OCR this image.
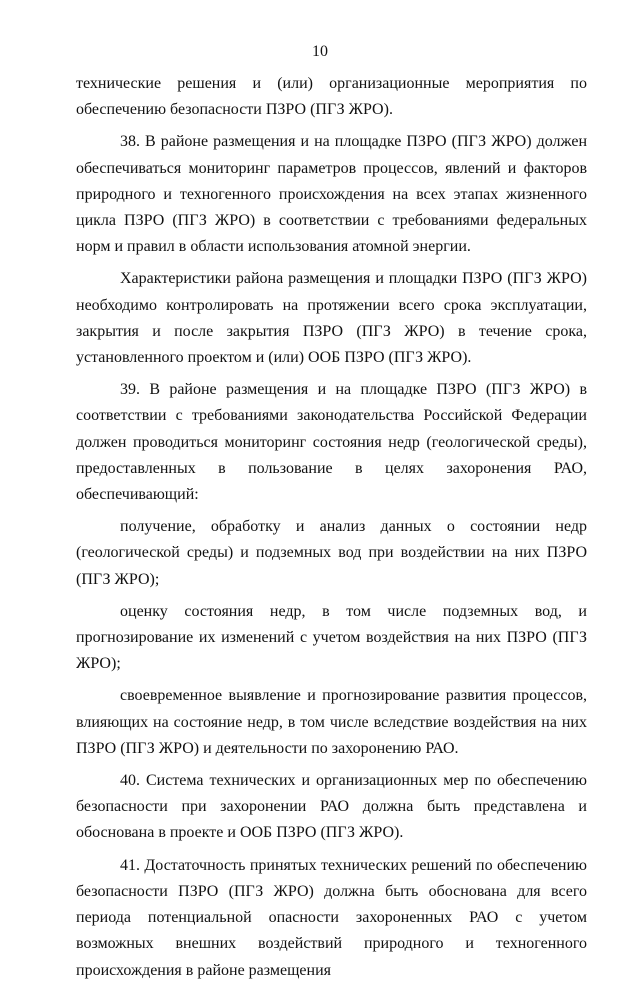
10

технические решения и (или) организационные мероприятия по обеспечению безопасности ПЗРО (ПГЗ ЖРО).

38. В районе размещения и на площадке ПЗРО (ПГЗ ЖРО) должен обеспечиваться мониторинг параметров процессов, явлений и факторов природного и техногенного происхождения на всех этапах жизненного цикла ПЗРО (ПГЗ ЖРО) в соответствии с требованиями федеральных норм и правил в области использования атомной энергии.

Характеристики района размещения и площадки ПЗРО (ПГЗ ЖРО) необходимо контролировать на протяжении всего срока эксплуатации, закрытия и после закрытия ПЗРО (ПГЗ ЖРО) в течение срока, установленного проектом и (или) ООБ ПЗРО (ПГЗ ЖРО).

39. В районе размещения и на площадке ПЗРО (ПГЗ ЖРО) в соответствии с требованиями законодательства Российской Федерации должен проводиться мониторинг состояния недр (геологической среды), предоставленных в пользование в целях захоронения РАО, обеспечивающий:

получение, обработку и анализ данных о состоянии недр (геологической среды) и подземных вод при воздействии на них ПЗРО (ПГЗ ЖРО);

оценку состояния недр, в том числе подземных вод, и прогнозирование их изменений с учетом воздействия на них ПЗРО (ПГЗ ЖРО);

своевременное выявление и прогнозирование развития процессов, влияющих на состояние недр, в том числе вследствие воздействия на них ПЗРО (ПГЗ ЖРО) и деятельности по захоронению РАО.

40. Система технических и организационных мер по обеспечению безопасности при захоронении РАО должна быть представлена и обоснована в проекте и ООБ ПЗРО (ПГЗ ЖРО).

41. Достаточность принятых технических решений по обеспечению безопасности ПЗРО (ПГЗ ЖРО) должна быть обоснована для всего периода потенциальной опасности захороненных РАО с учетом возможных внешних воздействий природного и техногенного происхождения в районе размещения
